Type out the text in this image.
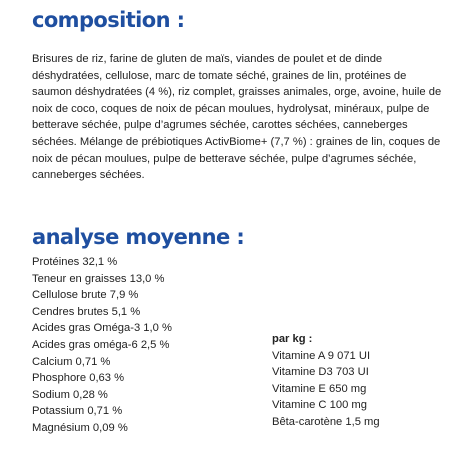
composition :

Brisures de riz, farine de gluten de maïs, viandes de poulet et de dinde déshydratées, cellulose, marc de tomate séché, graines de lin, protéines de saumon déshydratées (4 %), riz complet, graisses animales, orge, avoine, huile de noix de coco, coques de noix de pécan moulues, hydrolysat, minéraux, pulpe de betterave séchée, pulpe d’agrumes séchée, carottes séchées, canneberges séchées. Mélange de prébiotiques ActivBiome+ (7,7 %) : graines de lin, coques de noix de pécan moulues, pulpe de betterave séchée, pulpe d’agrumes séchée, canneberges séchées.

analyse moyenne :
Protéines 32,1 %
Teneur en graisses 13,0 %
Cellulose brute 7,9 %
Cendres brutes 5,1 %
Acides gras Oméga-3 1,0 %
Acides gras oméga-6 2,5 %
Calcium 0,71 %
Phosphore 0,63 %
Sodium 0,28 %
Potassium 0,71 %
Magnésium 0,09 %
par kg :
Vitamine A 9 071 UI
Vitamine D3 703 UI
Vitamine E 650 mg
Vitamine C 100 mg
Bêta-carotène 1,5 mg
